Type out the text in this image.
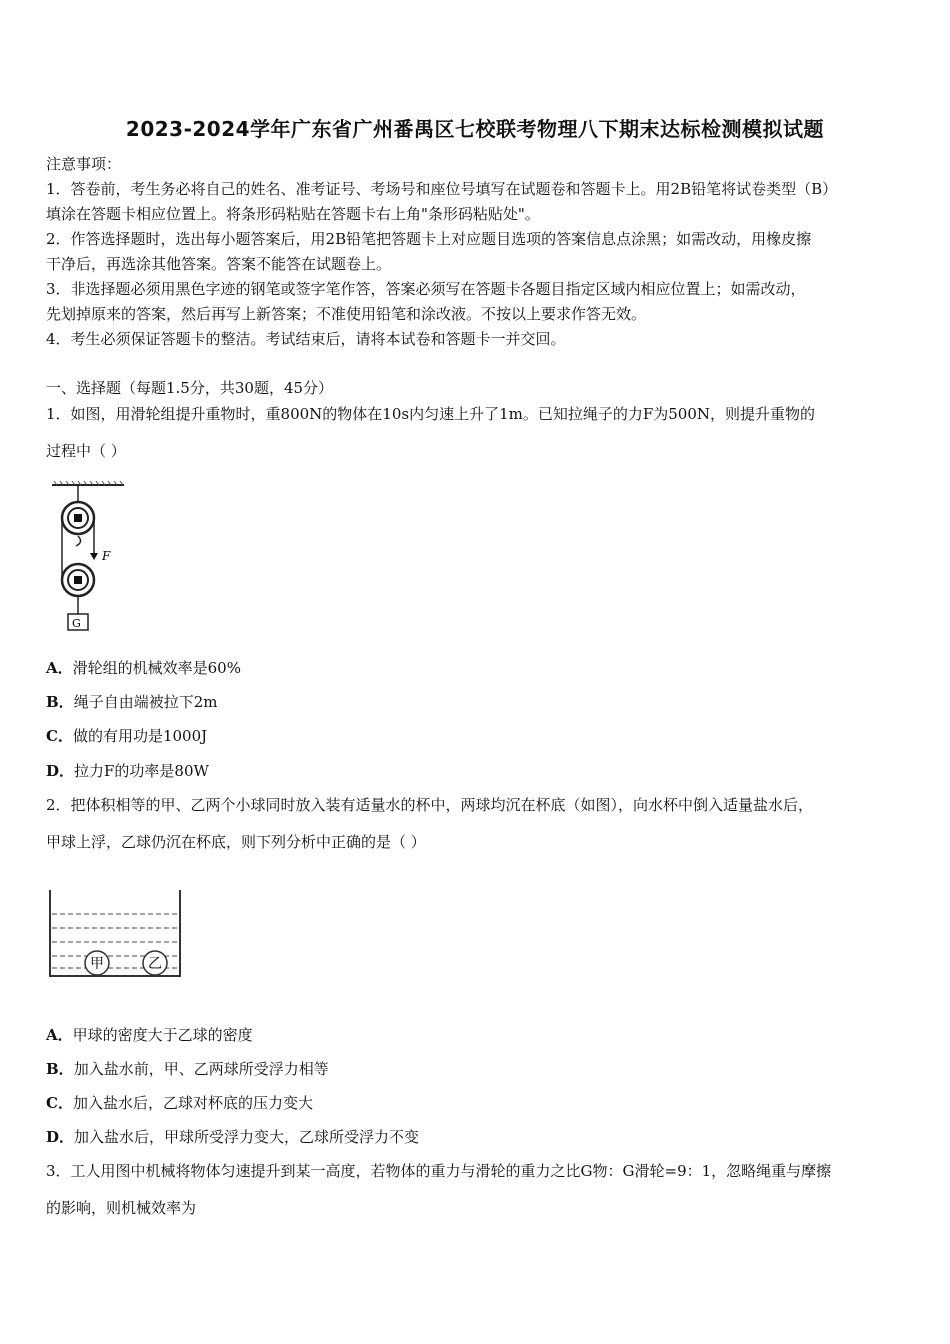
2023-2024学年广东省广州番禺区七校联考物理八下期末达标检测模拟试题
注意事项：
1．答卷前，考生务必将自己的姓名、准考证号、考场号和座位号填写在试题卷和答题卡上。用2B铅笔将试卷类型（B）
填涂在答题卡相应位置上。将条形码粘贴在答题卡右上角"条形码粘贴处"。
2．作答选择题时，选出每小题答案后，用2B铅笔把答题卡上对应题目选项的答案信息点涂黑；如需改动，用橡皮擦
干净后，再选涂其他答案。答案不能答在试题卷上。
3．非选择题必须用黑色字迹的钢笔或签字笔作答，答案必须写在答题卡各题目指定区域内相应位置上；如需改动，
先划掉原来的答案，然后再写上新答案；不准使用铅笔和涂改液。不按以上要求作答无效。
4．考生必须保证答题卡的整洁。考试结束后，请将本试卷和答题卡一并交回。
一、选择题（每题1.5分，共30题，45分）
1．如图，用滑轮组提升重物时，重800N的物体在10s内匀速上升了1m。已知拉绳子的力F为500N，则提升重物的
过程中（ ）
F
G
A．滑轮组的机械效率是60%
B．绳子自由端被拉下2m
C．做的有用功是1000J
D．拉力F的功率是80W
2．把体积相等的甲、乙两个小球同时放入装有适量水的杯中，两球均沉在杯底（如图），向水杯中倒入适量盐水后，
甲球上浮，乙球仍沉在杯底，则下列分析中正确的是（ ）
甲	乙
A．甲球的密度大于乙球的密度
B．加入盐水前，甲、乙两球所受浮力相等
C．加入盐水后，乙球对杯底的压力变大
D．加入盐水后，甲球所受浮力变大，乙球所受浮力不变
3．工人用图中机械将物体匀速提升到某一高度，若物体的重力与滑轮的重力之比G物：G滑轮=9：1，忽略绳重与摩擦
的影响，则机械效率为
